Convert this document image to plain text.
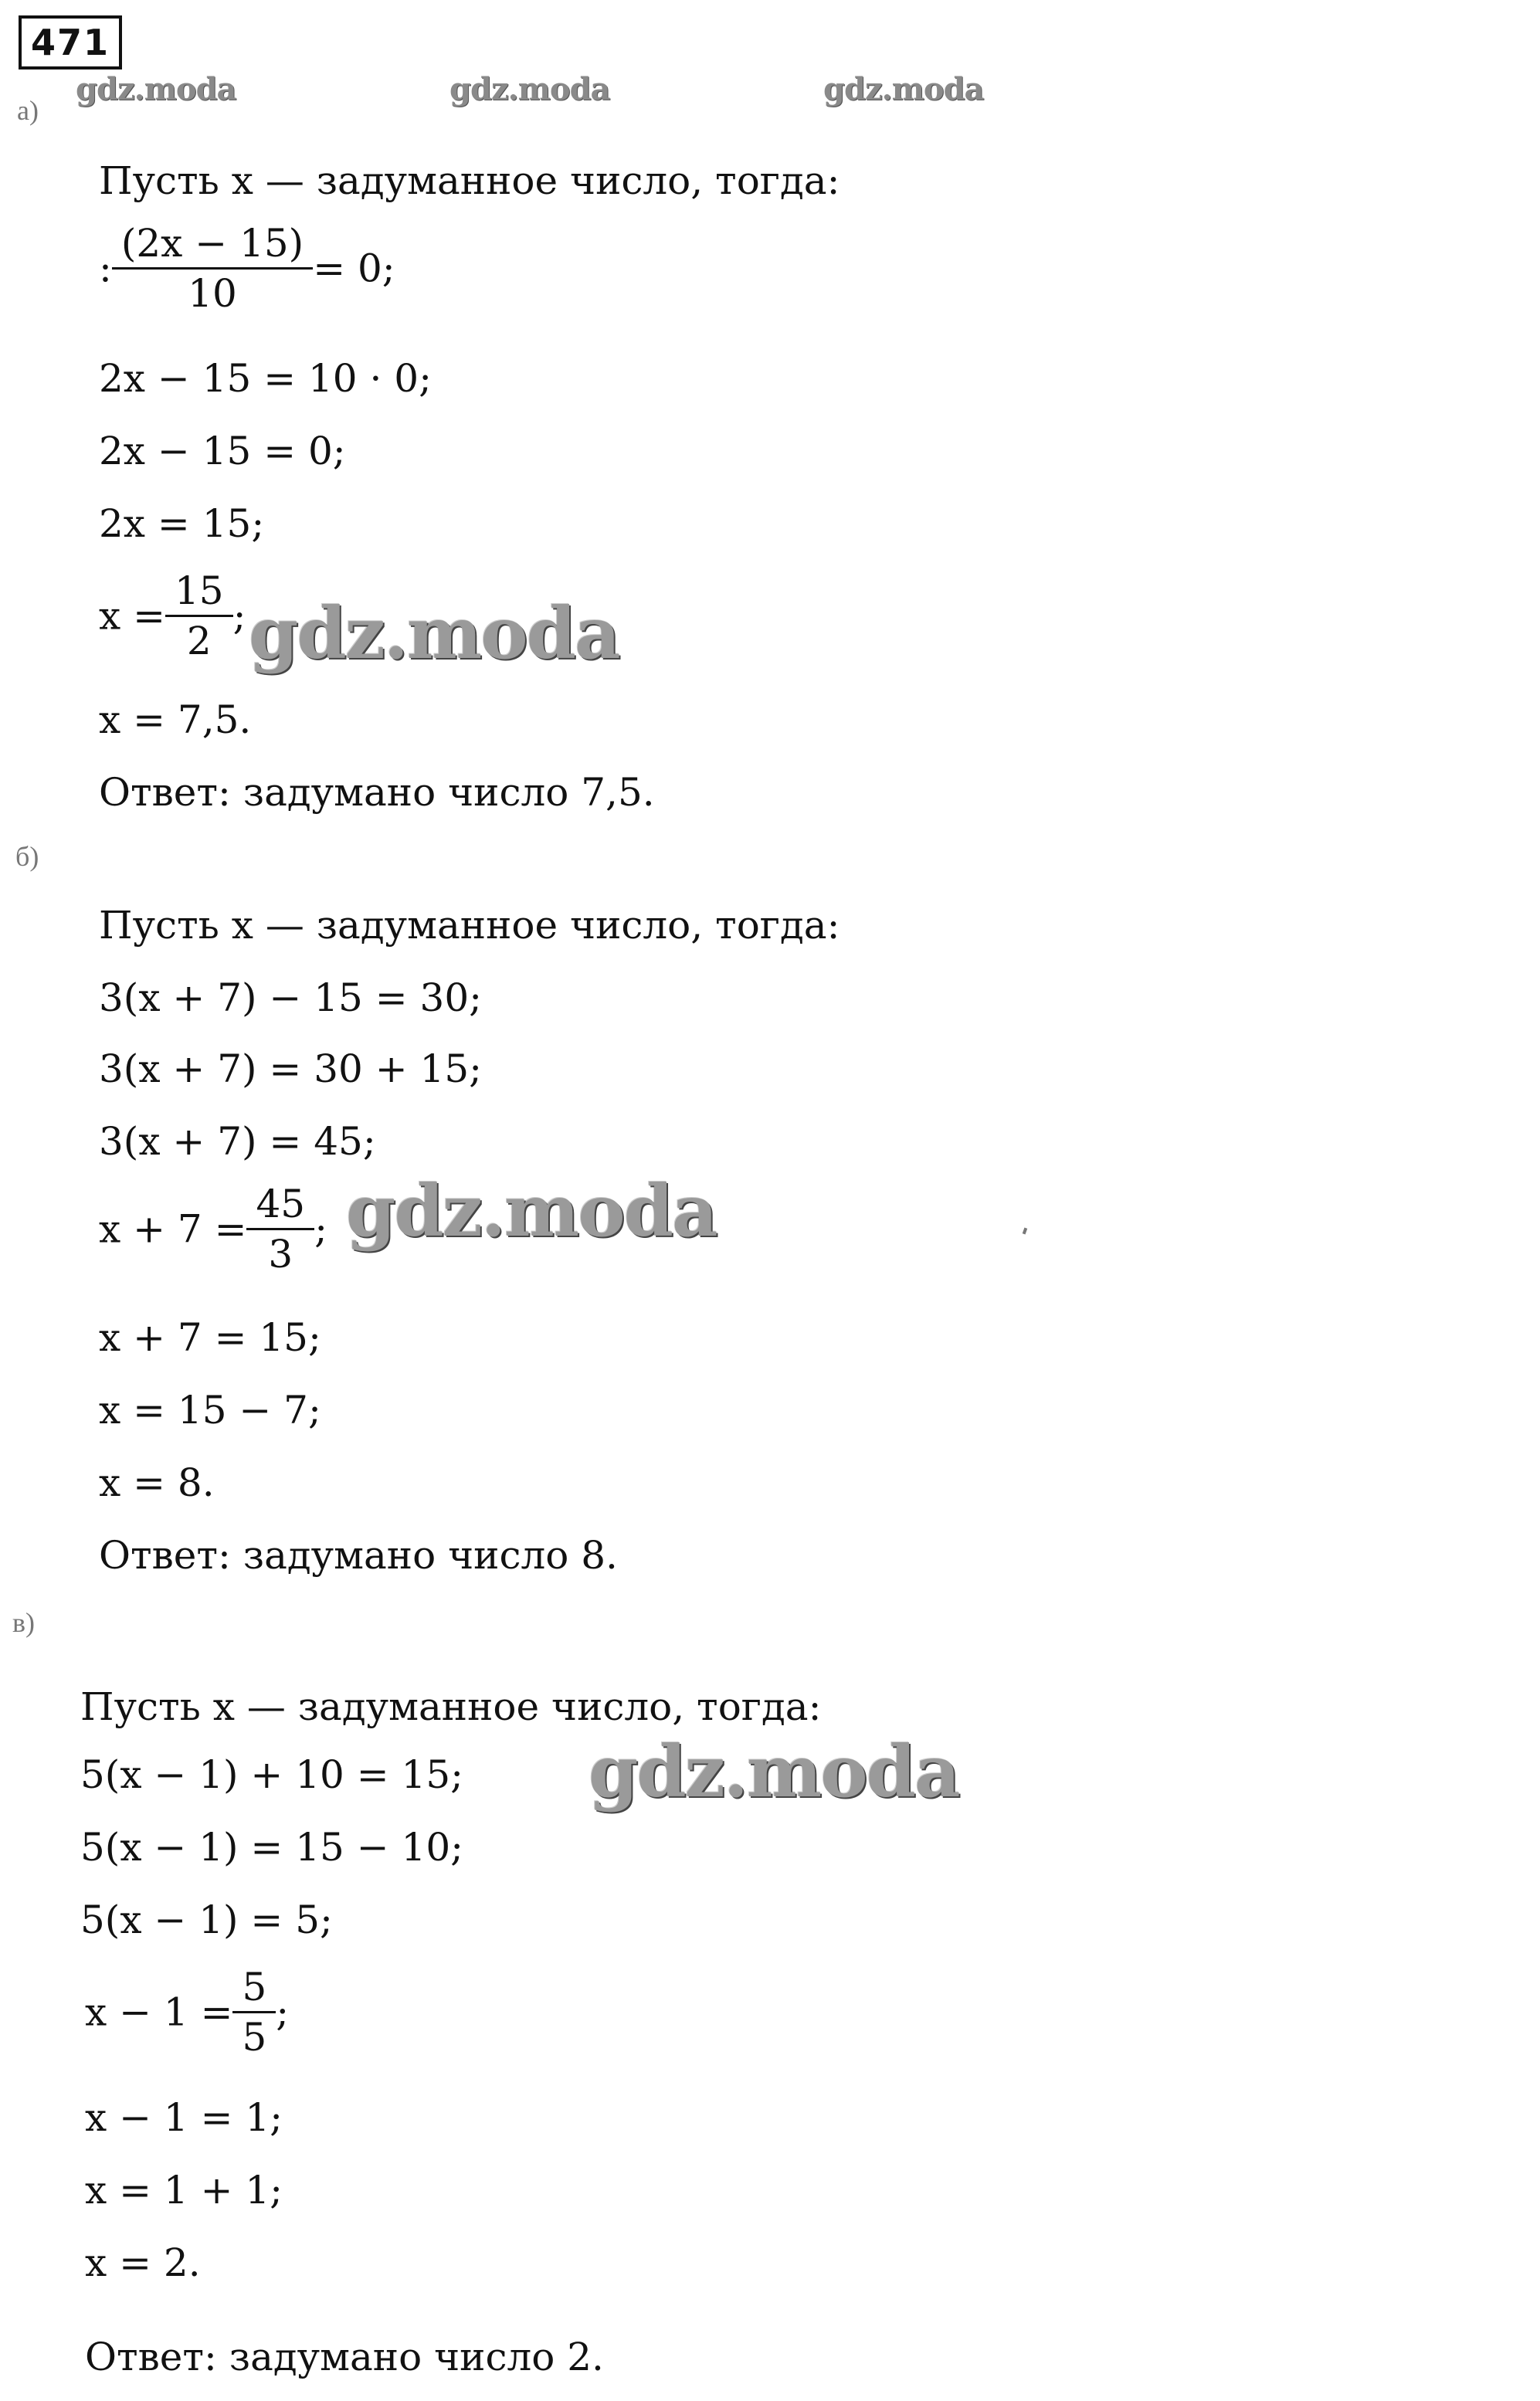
471
gdz.moda	gdz.moda	gdz.moda
а)
Пусть x — задуманное число, тогда:
: $\frac{(2x - 15)}{10} = 0$;
2x − 15 = 10 · 0;
2x − 15 = 0;
2x = 15;
$x = \frac{15}{2}$ ; gdz.moda
x = 7,5.
Ответ: задумано число 7,5.
б)
Пусть x — задуманное число, тогда:
3(x + 7) − 15 = 30;
3(x + 7) = 30 + 15;
3(x + 7) = 45;
$x + 7 = \frac{45}{3}$ ; gdz.moda
x + 7 = 15;
x = 15 − 7;
x = 8.
Ответ: задумано число 8.
в)
Пусть x — задуманное число, тогда:
5(x − 1) + 10 = 15; gdz.moda
5(x − 1) = 15 − 10;
5(x − 1) = 5;
$x - 1 = \frac{5}{5}$ ;
x − 1 = 1;
x = 1 + 1;
x = 2.
Ответ: задумано число 2.
